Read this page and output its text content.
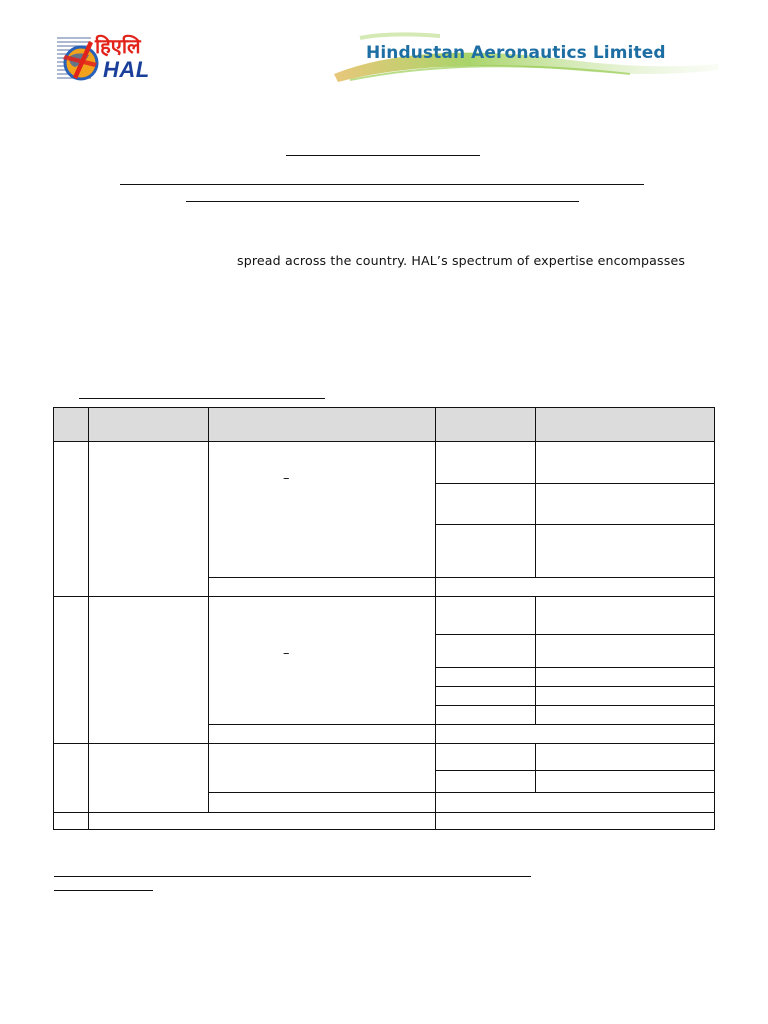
हिएलि
HAL
Hindustan Aeronautics Limited
spread across the country. HAL’s spectrum of expertise encompasses
–
–
